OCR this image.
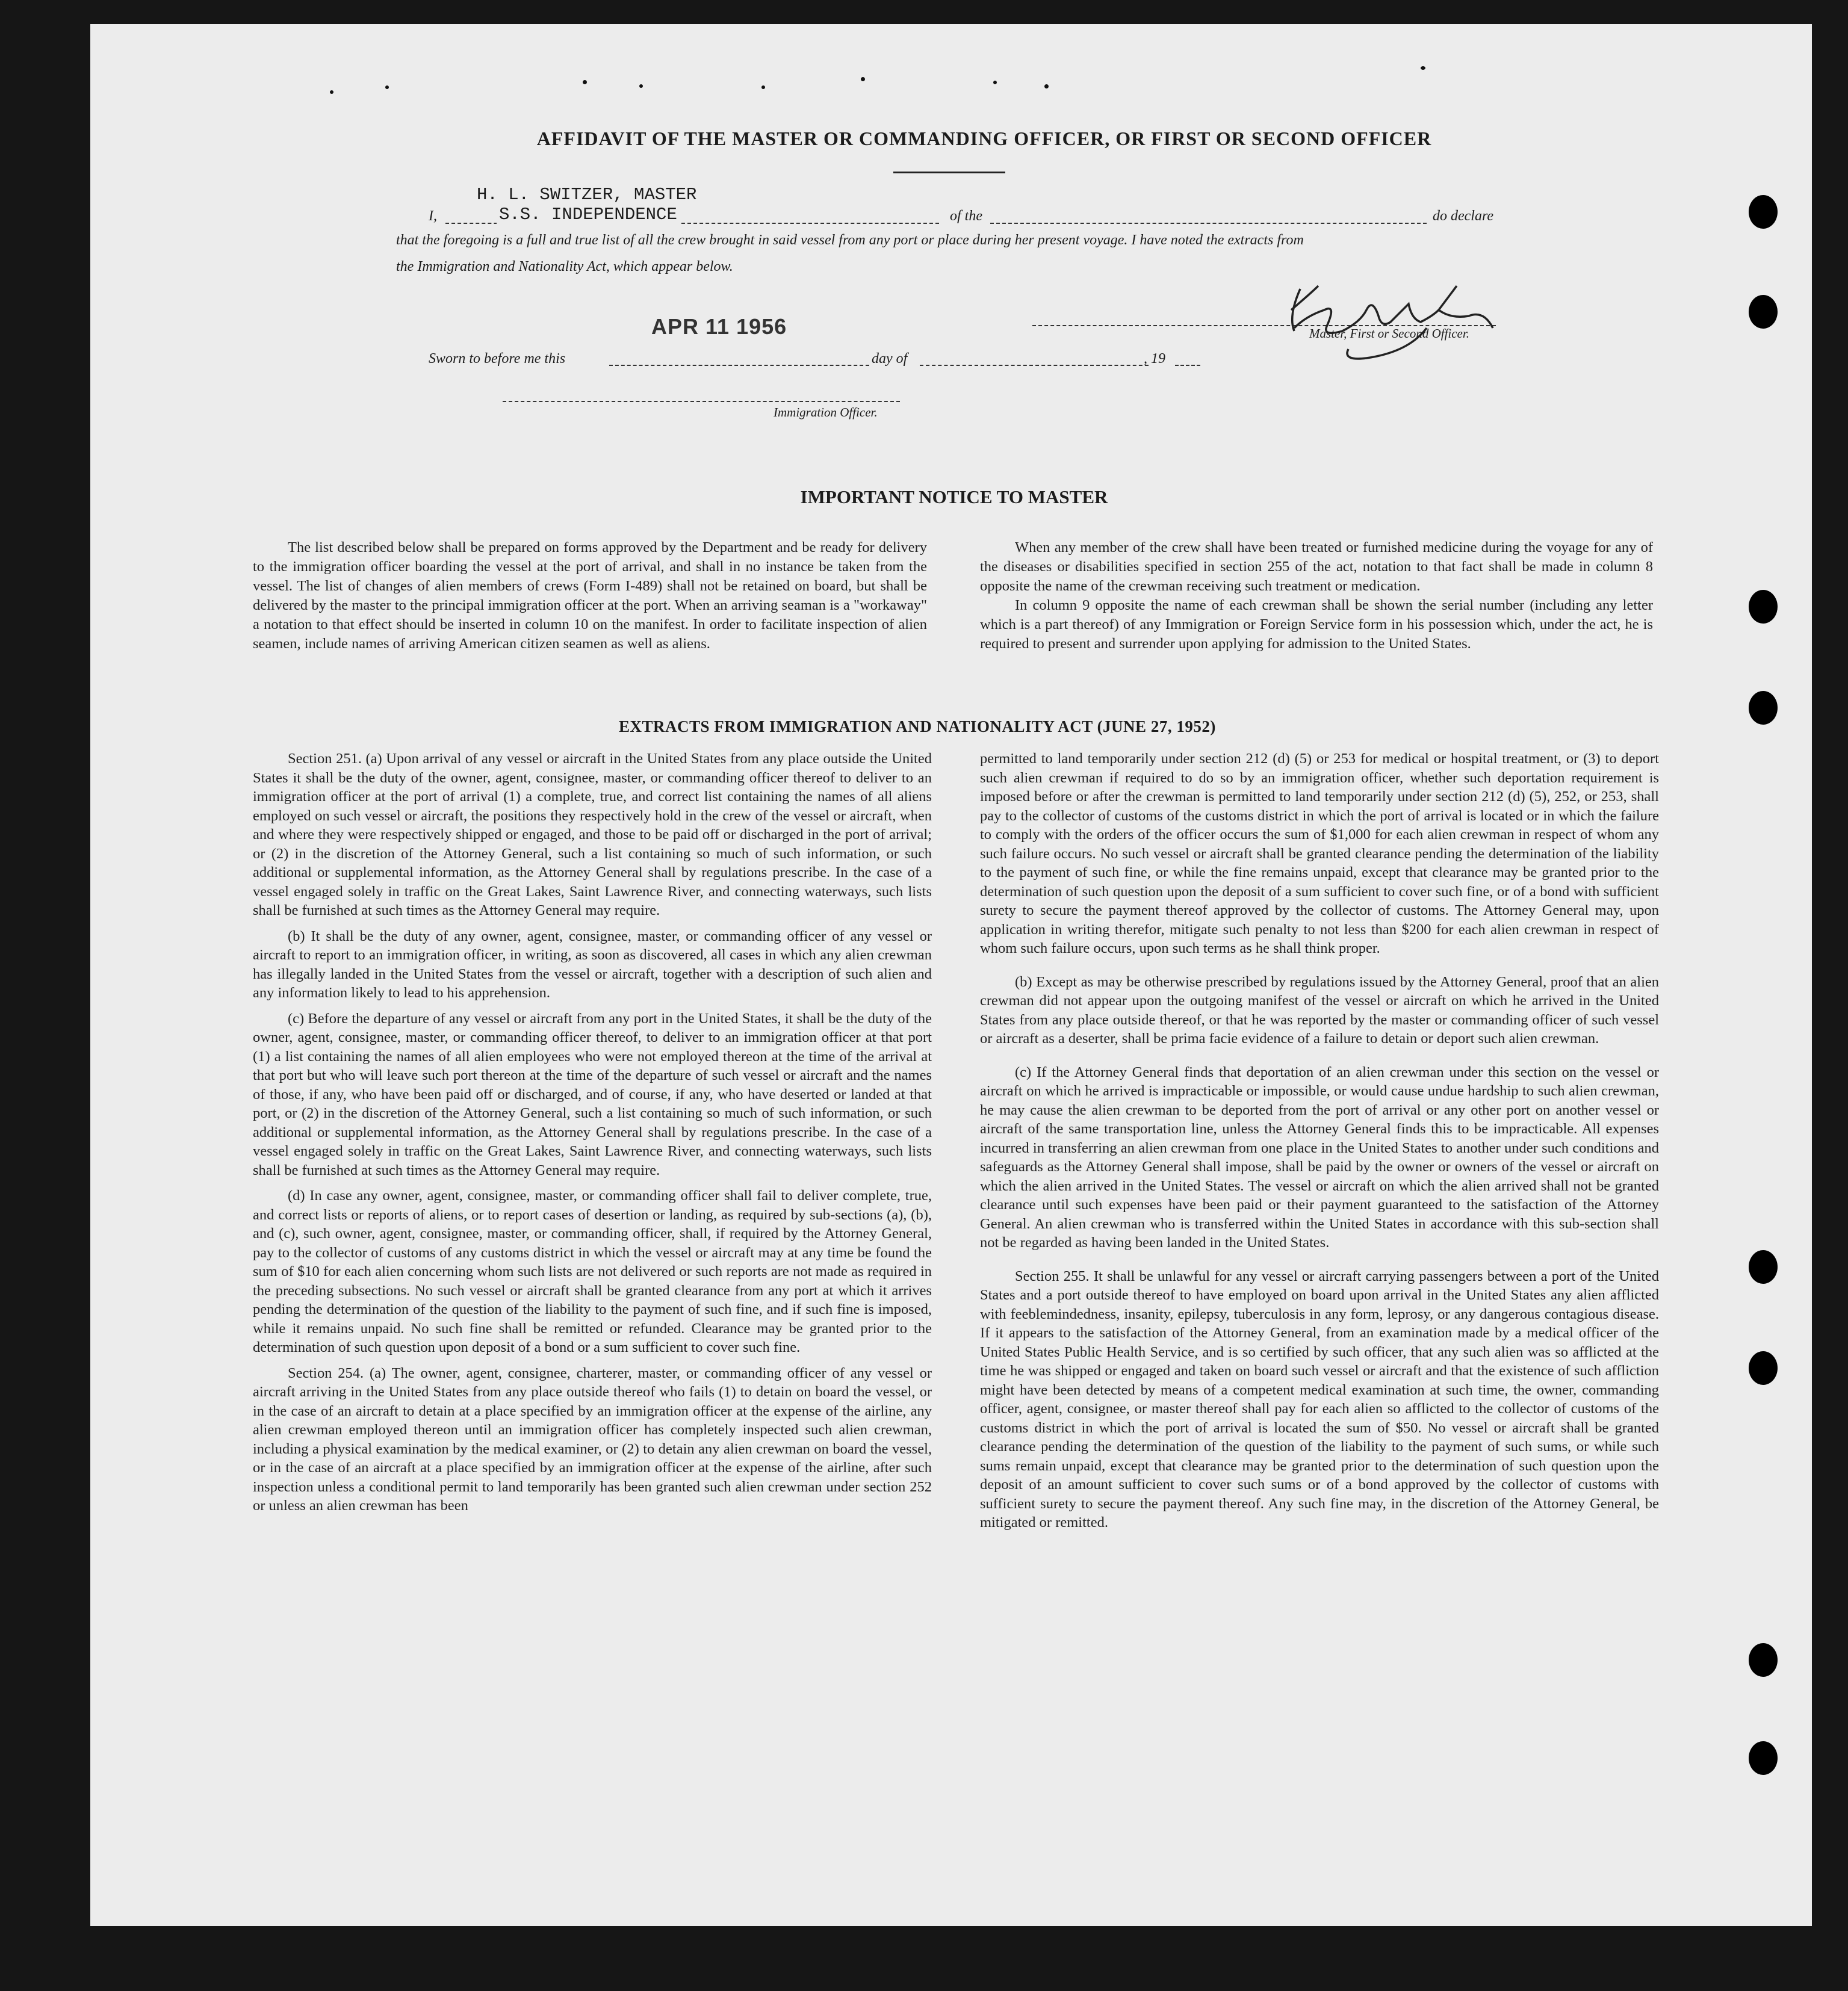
AFFIDAVIT OF THE MASTER OR COMMANDING OFFICER, OR FIRST OR SECOND OFFICER
H. L. SWITZER, MASTER
I,	S.S. INDEPENDENCE	of the	do declare
that the foregoing is a full and true list of all the crew brought in said vessel from any port or place during her present voyage. I have noted the extracts from
the Immigration and Nationality Act, which appear below.
APR 11 1956	Master, First or Second Officer.
Sworn to before me this	day of	, 19
Immigration Officer.
IMPORTANT NOTICE TO MASTER

The list described below shall be prepared on forms approved by the Department and be ready for delivery to the immigration officer boarding the vessel at the port of arrival, and shall in no instance be taken from the vessel. The list of changes of alien members of crews (Form I-489) shall not be retained on board, but shall be delivered by the master to the principal immigration officer at the port. When an arriving seaman is a "workaway" a notation to that effect should be inserted in column 10 on the manifest. In order to facilitate inspection of alien seamen, include names of arriving American citizen seamen as well as aliens.

When any member of the crew shall have been treated or furnished medicine during the voyage for any of the diseases or disabilities specified in section 255 of the act, notation to that fact shall be made in column 8 opposite the name of the crewman receiving such treatment or medication.

In column 9 opposite the name of each crewman shall be shown the serial number (including any letter which is a part thereof) of any Immigration or Foreign Service form in his possession which, under the act, he is required to present and surrender upon applying for admission to the United States.

EXTRACTS FROM IMMIGRATION AND NATIONALITY ACT (JUNE 27, 1952)

Section 251. (a) Upon arrival of any vessel or aircraft in the United States from any place outside the United States it shall be the duty of the owner, agent, consignee, master, or commanding officer thereof to deliver to an immigration officer at the port of arrival (1) a complete, true, and correct list containing the names of all aliens employed on such vessel or aircraft, the positions they respectively hold in the crew of the vessel or aircraft, when and where they were respectively shipped or engaged, and those to be paid off or discharged in the port of arrival; or (2) in the discretion of the Attorney General, such a list containing so much of such information, or such additional or supplemental information, as the Attorney General shall by regulations prescribe. In the case of a vessel engaged solely in traffic on the Great Lakes, Saint Lawrence River, and connecting waterways, such lists shall be furnished at such times as the Attorney General may require.

(b) It shall be the duty of any owner, agent, consignee, master, or commanding officer of any vessel or aircraft to report to an immigration officer, in writing, as soon as discovered, all cases in which any alien crewman has illegally landed in the United States from the vessel or aircraft, together with a description of such alien and any information likely to lead to his apprehension.

(c) Before the departure of any vessel or aircraft from any port in the United States, it shall be the duty of the owner, agent, consignee, master, or commanding officer thereof, to deliver to an immigration officer at that port (1) a list containing the names of all alien employees who were not employed thereon at the time of the arrival at that port but who will leave such port thereon at the time of the departure of such vessel or aircraft and the names of those, if any, who have been paid off or discharged, and of course, if any, who have deserted or landed at that port, or (2) in the discretion of the Attorney General, such a list containing so much of such information, or such additional or supplemental information, as the Attorney General shall by regulations prescribe. In the case of a vessel engaged solely in traffic on the Great Lakes, Saint Lawrence River, and connecting waterways, such lists shall be furnished at such times as the Attorney General may require.

(d) In case any owner, agent, consignee, master, or commanding officer shall fail to deliver complete, true, and correct lists or reports of aliens, or to report cases of desertion or landing, as required by sub-sections (a), (b), and (c), such owner, agent, consignee, master, or commanding officer, shall, if required by the Attorney General, pay to the collector of customs of any customs district in which the vessel or aircraft may at any time be found the sum of $10 for each alien concerning whom such lists are not delivered or such reports are not made as required in the preceding subsections. No such vessel or aircraft shall be granted clearance from any port at which it arrives pending the determination of the question of the liability to the payment of such fine, and if such fine is imposed, while it remains unpaid. No such fine shall be remitted or refunded. Clearance may be granted prior to the determination of such question upon deposit of a bond or a sum sufficient to cover such fine.

Section 254. (a) The owner, agent, consignee, charterer, master, or commanding officer of any vessel or aircraft arriving in the United States from any place outside thereof who fails (1) to detain on board the vessel, or in the case of an aircraft to detain at a place specified by an immigration officer at the expense of the airline, any alien crewman employed thereon until an immigration officer has completely inspected such alien crewman, including a physical examination by the medical examiner, or (2) to detain any alien crewman on board the vessel, or in the case of an aircraft at a place specified by an immigration officer at the expense of the airline, after such inspection unless a conditional permit to land temporarily has been granted such alien crewman under section 252 or unless an alien crewman has been

permitted to land temporarily under section 212 (d) (5) or 253 for medical or hospital treatment, or (3) to deport such alien crewman if required to do so by an immigration officer, whether such deportation requirement is imposed before or after the crewman is permitted to land temporarily under section 212 (d) (5), 252, or 253, shall pay to the collector of customs of the customs district in which the port of arrival is located or in which the failure to comply with the orders of the officer occurs the sum of $1,000 for each alien crewman in respect of whom any such failure occurs. No such vessel or aircraft shall be granted clearance pending the determination of the liability to the payment of such fine, or while the fine remains unpaid, except that clearance may be granted prior to the determination of such question upon the deposit of a sum sufficient to cover such fine, or of a bond with sufficient surety to secure the payment thereof approved by the collector of customs. The Attorney General may, upon application in writing therefor, mitigate such penalty to not less than $200 for each alien crewman in respect of whom such failure occurs, upon such terms as he shall think proper.

(b) Except as may be otherwise prescribed by regulations issued by the Attorney General, proof that an alien crewman did not appear upon the outgoing manifest of the vessel or aircraft on which he arrived in the United States from any place outside thereof, or that he was reported by the master or commanding officer of such vessel or aircraft as a deserter, shall be prima facie evidence of a failure to detain or deport such alien crewman.

(c) If the Attorney General finds that deportation of an alien crewman under this section on the vessel or aircraft on which he arrived is impracticable or impossible, or would cause undue hardship to such alien crewman, he may cause the alien crewman to be deported from the port of arrival or any other port on another vessel or aircraft of the same transportation line, unless the Attorney General finds this to be impracticable. All expenses incurred in transferring an alien crewman from one place in the United States to another under such conditions and safeguards as the Attorney General shall impose, shall be paid by the owner or owners of the vessel or aircraft on which the alien arrived in the United States. The vessel or aircraft on which the alien arrived shall not be granted clearance until such expenses have been paid or their payment guaranteed to the satisfaction of the Attorney General. An alien crewman who is transferred within the United States in accordance with this sub-section shall not be regarded as having been landed in the United States.

Section 255. It shall be unlawful for any vessel or aircraft carrying passengers between a port of the United States and a port outside thereof to have employed on board upon arrival in the United States any alien afflicted with feeblemindedness, insanity, epilepsy, tuberculosis in any form, leprosy, or any dangerous contagious disease. If it appears to the satisfaction of the Attorney General, from an examination made by a medical officer of the United States Public Health Service, and is so certified by such officer, that any such alien was so afflicted at the time he was shipped or engaged and taken on board such vessel or aircraft and that the existence of such affliction might have been detected by means of a competent medical examination at such time, the owner, commanding officer, agent, consignee, or master thereof shall pay for each alien so afflicted to the collector of customs of the customs district in which the port of arrival is located the sum of $50. No vessel or aircraft shall be granted clearance pending the determination of the question of the liability to the payment of such sums, or while such sums remain unpaid, except that clearance may be granted prior to the determination of such question upon the deposit of an amount sufficient to cover such sums or of a bond approved by the collector of customs with sufficient surety to secure the payment thereof. Any such fine may, in the discretion of the Attorney General, be mitigated or remitted.
